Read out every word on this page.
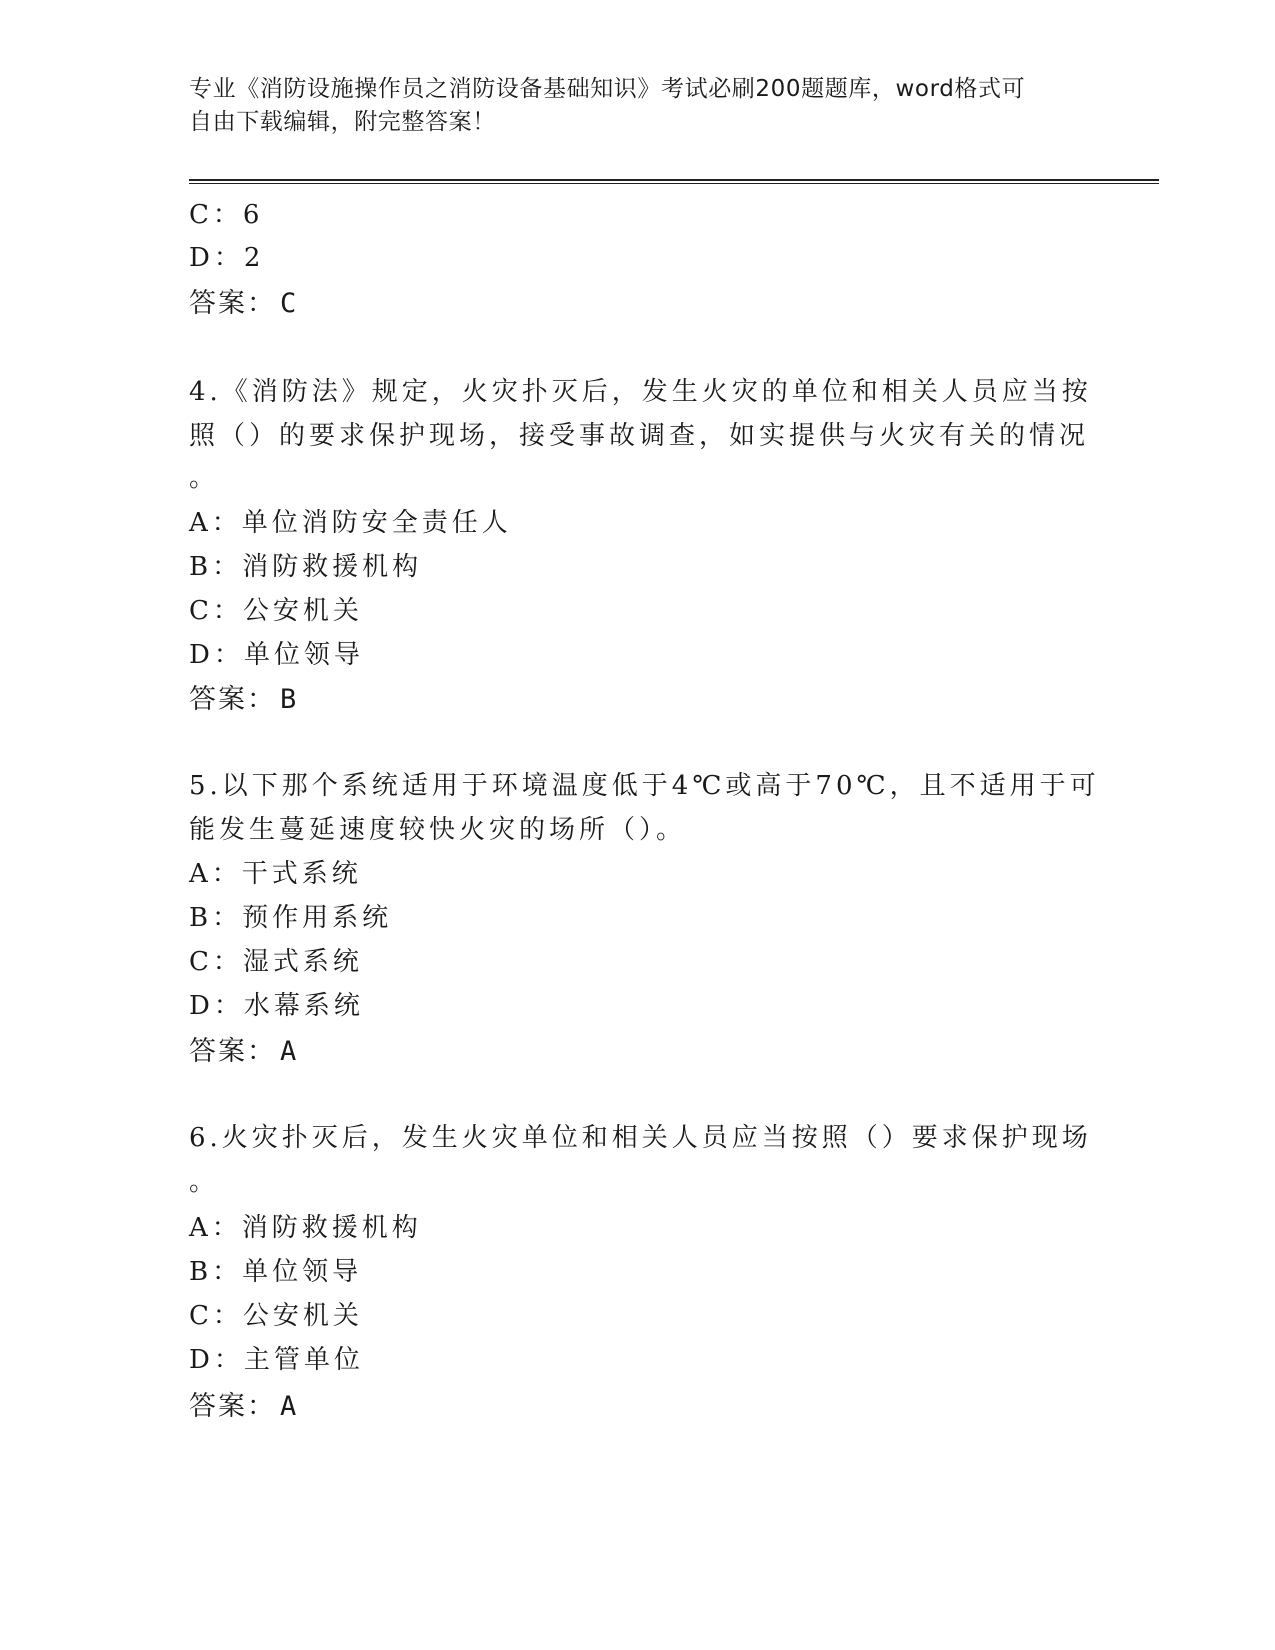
专业《消防设施操作员之消防设备基础知识》考试必刷200题题库，word格式可
自由下载编辑，附完整答案！
C：6
D：2
答案： C
4.《消防法》规定，火灾扑灭后，发生火灾的单位和相关人员应当按
照（）的要求保护现场，接受事故调查，如实提供与火灾有关的情况
。
A：单位消防安全责任人
B：消防救援机构
C：公安机关
D：单位领导
答案： B
5.以下那个系统适用于环境温度低于4℃或高于70℃，且不适用于可
能发生蔓延速度较快火灾的场所（）。
A：干式系统
B：预作用系统
C：湿式系统
D：水幕系统
答案： A
6.火灾扑灭后，发生火灾单位和相关人员应当按照（）要求保护现场
。
A：消防救援机构
B：单位领导
C：公安机关
D：主管单位
答案： A
